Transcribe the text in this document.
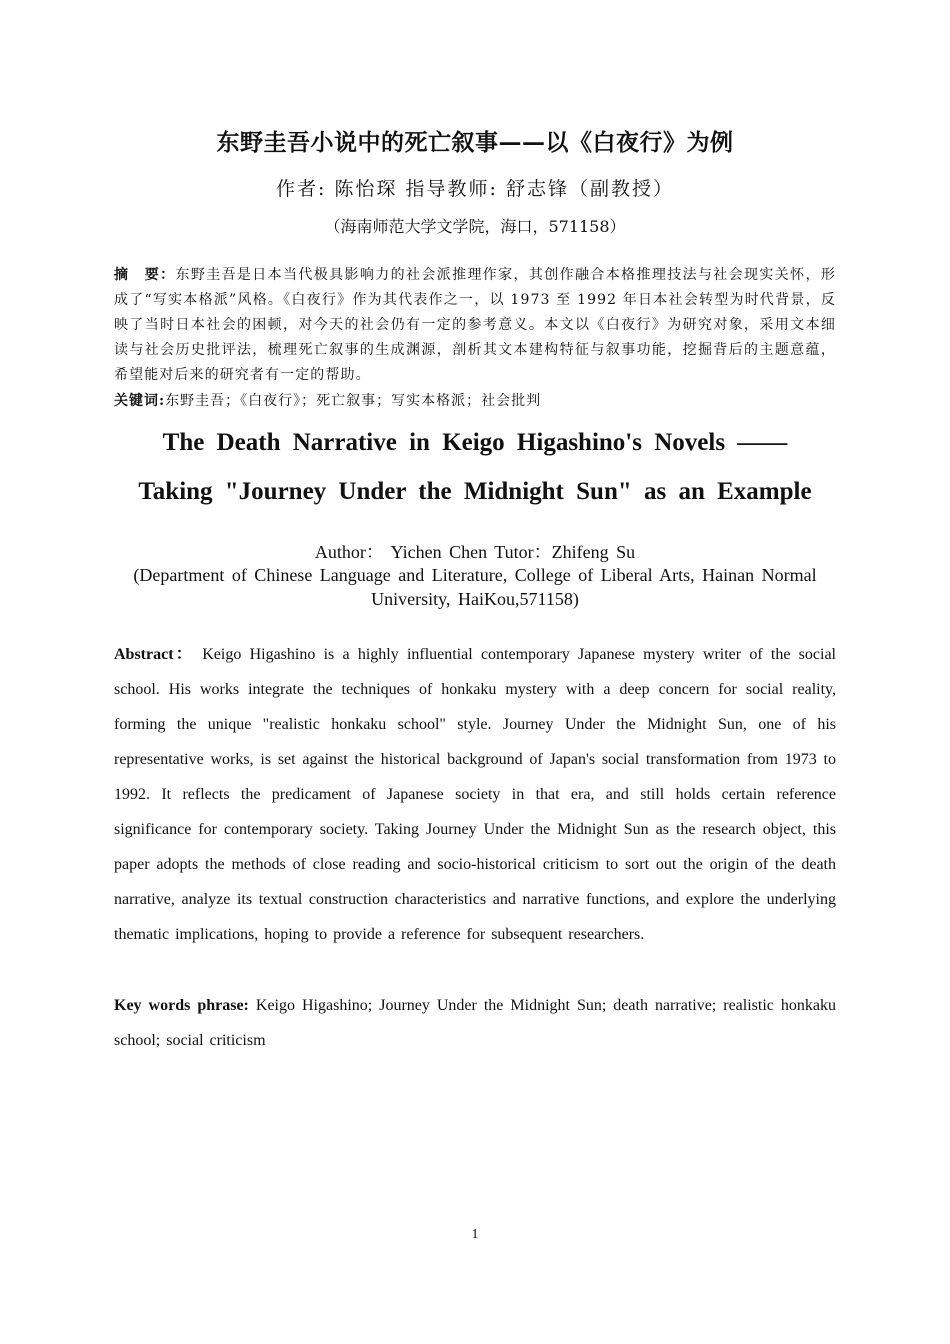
东野圭吾小说中的死亡叙事——以《白夜行》为例
作者: 陈怡琛 指导教师: 舒志锋（副教授）
（海南师范大学文学院，海口，571158）
摘　要：东野圭吾是日本当代极具影响力的社会派推理作家，其创作融合本格推理技法与社会现实关怀，形成了“写实本格派”风格。《白夜行》作为其代表作之一，以 1973 至 1992 年日本社会转型为时代背景，反映了当时日本社会的困顿，对今天的社会仍有一定的参考意义。本文以《白夜行》为研究对象，采用文本细读与社会历史批评法，梳理死亡叙事的生成渊源，剖析其文本建构特征与叙事功能，挖掘背后的主题意蕴，希望能对后来的研究者有一定的帮助。
关键词:东野圭吾；《白夜行》；死亡叙事；写实本格派；社会批判
The Death Narrative in Keigo Higashino's Novels ——
Taking "Journey Under the Midnight Sun" as an Example
Author： Yichen Chen Tutor：Zhifeng Su
(Department of Chinese Language and Literature, College of Liberal Arts, Hainan Normal University, HaiKou,571158)
Abstract： Keigo Higashino is a highly influential contemporary Japanese mystery writer of the social school. His works integrate the techniques of honkaku mystery with a deep concern for social reality, forming the unique "realistic honkaku school" style. Journey Under the Midnight Sun, one of his representative works, is set against the historical background of Japan's social transformation from 1973 to 1992. It reflects the predicament of Japanese society in that era, and still holds certain reference significance for contemporary society. Taking Journey Under the Midnight Sun as the research object, this paper adopts the methods of close reading and socio-historical criticism to sort out the origin of the death narrative, analyze its textual construction characteristics and narrative functions, and explore the underlying thematic implications, hoping to provide a reference for subsequent researchers.
Key words phrase: Keigo Higashino; Journey Under the Midnight Sun; death narrative; realistic honkaku school; social criticism
1
